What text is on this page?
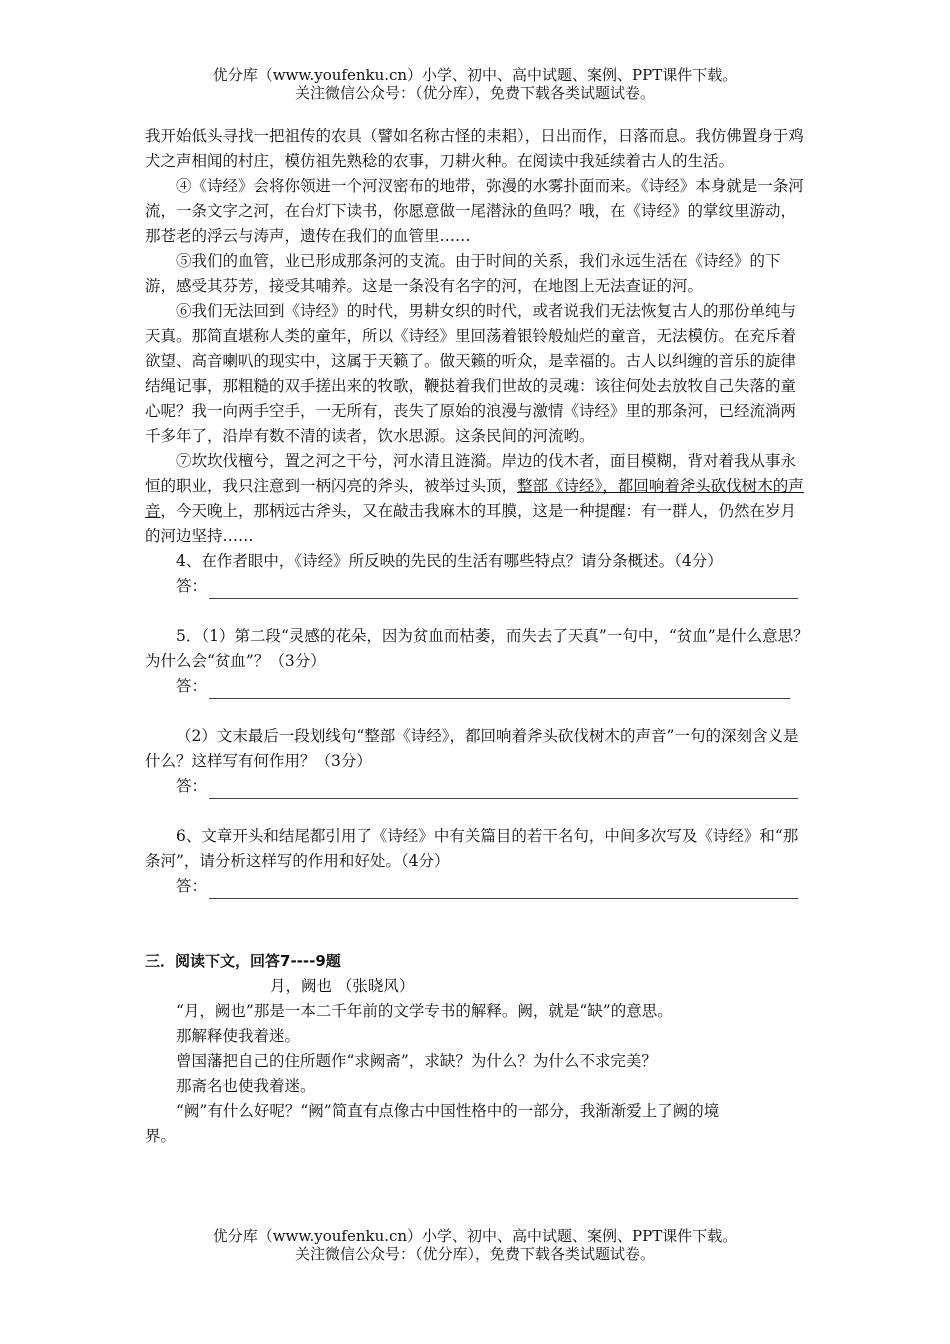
优分库（www.youfenku.cn）小学、初中、高中试题、案例、PPT课件下载。
关注微信公众号：（优分库），免费下载各类试题试卷。

我开始低头寻找一把祖传的农具（譬如名称古怪的耒耜），日出而作，日落而息。我仿佛置身于鸡犬之声相闻的村庄，模仿祖先熟稔的农事，刀耕火种。在阅读中我延续着古人的生活。

④《诗经》会将你领进一个河汊密布的地带，弥漫的水雾扑面而来。《诗经》本身就是一条河流，一条文字之河，在台灯下读书，你愿意做一尾潜泳的鱼吗？哦，在《诗经》的掌纹里游动，那苍老的浮云与涛声，遗传在我们的血管里……

⑤我们的血管，业已形成那条河的支流。由于时间的关系，我们永远生活在《诗经》的下游，感受其芬芳，接受其哺养。这是一条没有名字的河，在地图上无法查证的河。

⑥我们无法回到《诗经》的时代，男耕女织的时代，或者说我们无法恢复古人的那份单纯与天真。那简直堪称人类的童年，所以《诗经》里回荡着银铃般灿烂的童音，无法模仿。在充斥着欲望、高音喇叭的现实中，这属于天籁了。做天籁的听众，是幸福的。古人以纠缠的音乐的旋律结绳记事，那粗糙的双手搓出来的牧歌，鞭挞着我们世故的灵魂：该往何处去放牧自己失落的童心呢？我一向两手空手，一无所有，丧失了原始的浪漫与激情《诗经》里的那条河，已经流淌两千多年了，沿岸有数不清的读者，饮水思源。这条民间的河流哟。

⑦坎坎伐檀兮，置之河之干兮，河水清且涟漪。岸边的伐木者，面目模糊，背对着我从事永恒的职业，我只注意到一柄闪亮的斧头，被举过头顶，整部《诗经》，都回响着斧头砍伐树木的声音，今天晚上，那柄远古斧头，又在敲击我麻木的耳膜，这是一种提醒：有一群人，仍然在岁月的河边坚持……

4、在作者眼中，《诗经》所反映的先民的生活有哪些特点？请分条概述。（4分）

答：

5．（1）第二段“灵感的花朵，因为贫血而枯萎，而失去了天真”一句中，“贫血”是什么意思？为什么会“贫血”？（3分）

答：

（2）文末最后一段划线句“整部《诗经》，都回响着斧头砍伐树木的声音”一句的深刻含义是什么？这样写有何作用？（3分）

答：

6、文章开头和结尾都引用了《诗经》中有关篇目的若干名句，中间多次写及《诗经》和“那条河”，请分析这样写的作用和好处。（4分）

答：

三．阅读下文，回答7----9题

月，阙也 （张晓风）

“月，阙也”那是一本二千年前的文学专书的解释。阙，就是“缺”的意思。

那解释使我着迷。

曾国藩把自己的住所题作“求阙斋”，求缺？为什么？为什么不求完美？

那斋名也使我着迷。

“阙”有什么好呢？“阙”简直有点像古中国性格中的一部分，我渐渐爱上了阙的境界。

优分库（www.youfenku.cn）小学、初中、高中试题、案例、PPT课件下载。
关注微信公众号：（优分库），免费下载各类试题试卷。
